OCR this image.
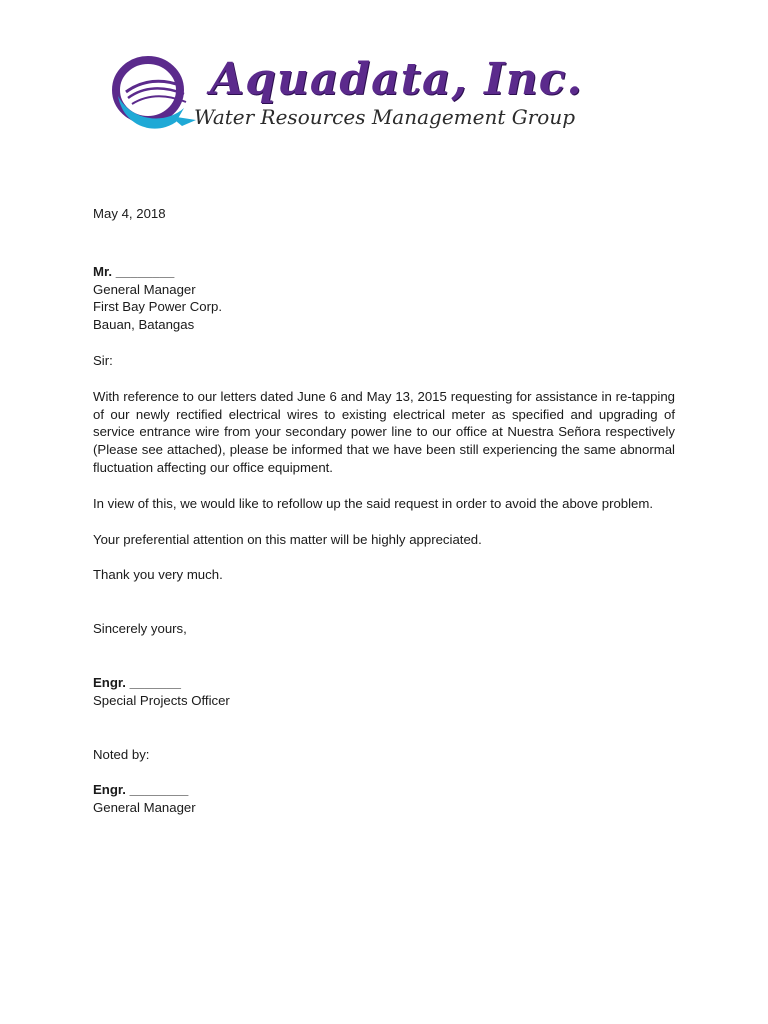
Aquadata, Inc.
Water Resources Management Group

May 4, 2018

Mr. ________

General Manager

First Bay Power Corp.

Bauan, Batangas

Sir:

With reference to our letters dated June 6 and May 13, 2015 requesting for assistance in re-tapping of our newly rectified electrical wires to existing electrical meter as specified and upgrading of service entrance wire from your secondary power line to our office at Nuestra Señora respectively (Please see attached), please be informed that we have been still experiencing the same abnormal fluctuation affecting our office equipment.

In view of this, we would like to refollow up the said request in order to avoid the above problem.

Your preferential attention on this matter will be highly appreciated.

Thank you very much.

Sincerely yours,

Engr. _______

Special Projects Officer

Noted by:

Engr. ________

General Manager
